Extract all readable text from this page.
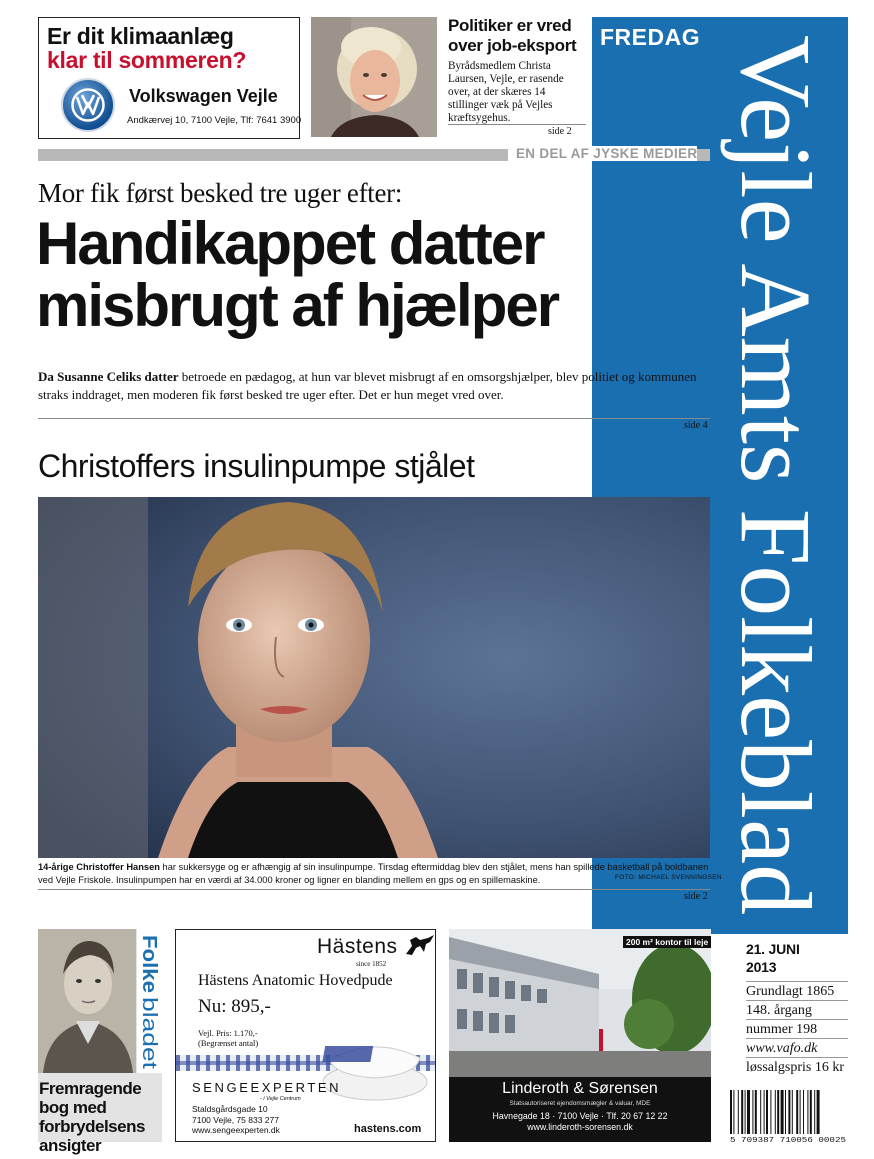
Er dit klimaanlæg
klar til sommeren?
Volkswagen Vejle
Andkærvej 10, 7100 Vejle, Tlf: 7641 3900
Politiker er vred over job-eksport
Byrådsmedlem Christa Laursen, Vejle, er rasende over, at der skæres 14 stillinger væk på Vejles kræftsygehus.
side 2
FREDAG Vejle Amts Folkeblad
EN DEL AF JYSKE MEDIER
Mor fik først besked tre uger efter:
Handikappet datter
misbrugt af hjælper
Da Susanne Celiks datter betroede en pædagog, at hun var blevet misbrugt af en omsorgshjælper, blev politiet og kommunen straks inddraget, men moderen fik først besked tre uger efter. Det er hun meget vred over.
side 4
Christoffers insulinpumpe stjålet
14-årige Christoffer Hansen har sukkersyge og er afhængig af sin insulinpumpe. Tirsdag eftermiddag blev den stjålet, mens han spillede basketball på boldbanen ved Vejle Friskole. Insulinpumpen har en værdi af 34.000 kroner og ligner en blanding mellem en gps og en spillemaskine.	FOTO: MICHAEL SVENNINGSEN
side 2
Folke
bladet
Fremragende bog med forbrydelsens ansigter
Hästens
since 1852
Hästens Anatomic Hovedpude
Nu: 895,-
Vejl. Pris: 1.170,-
(Begrænset antal)
SENGEEXPERTEN
- i Vejle Centrum
Staldsgårdsgade 10
7100 Vejle, 75 833 277
www.sengeexperten.dk	hastens.com
200 m² kontor til leje
Linderoth & Sørensen
Statsautoriseret ejendomsmægler & valuar, MDE
Havnegade 18 · 7100 Vejle · Tlf. 20 67 12 22
www.linderoth-sorensen.dk
21. JUNI
2013
Grundlagt 1865
148. årgang
nummer 198
www.vafo.dk
løssalgspris 16 kr
5 709387 710056 00025
